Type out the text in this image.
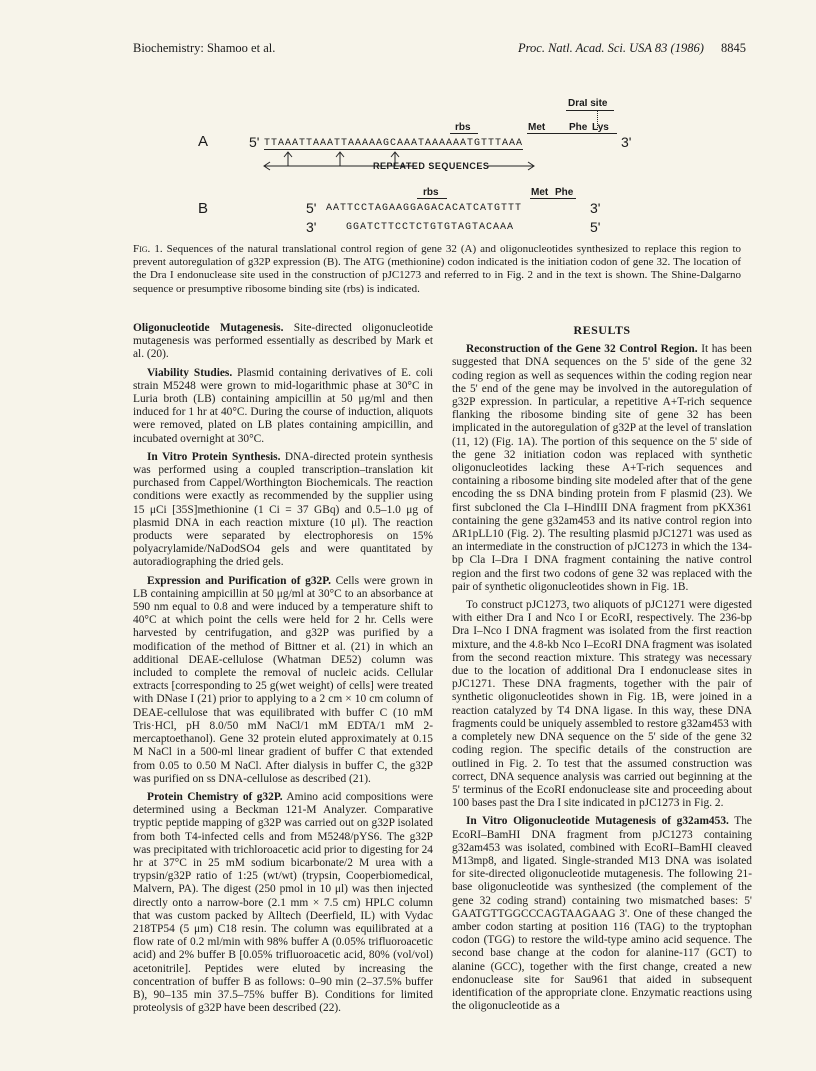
Biochemistry: Shamoo et al.	Proc. Natl. Acad. Sci. USA 83 (1986) 8845
DraI site
A	5'
rbs	Met Phe Lys
TTAAATTAAATTAAAAAGCAAATAAAAAATGTTTAAA	3'
REPEATED SEQUENCES
B
rbs	Met Phe
5' AATTCCTAGAAGGAGACACATCATGTTT	3'
3'	GGATCTTCCTCTGTGTAGTACAAA	5'
Fig. 1. Sequences of the natural translational control region of gene 32 (A) and oligonucleotides synthesized to replace this region to prevent autoregulation of g32P expression (B). The ATG (methionine) codon indicated is the initiation codon of gene 32. The location of the Dra I endonuclease site used in the construction of pJC1273 and referred to in Fig. 2 and in the text is shown. The Shine-Dalgarno sequence or presumptive ribosome binding site (rbs) is indicated.

Oligonucleotide Mutagenesis. Site-directed oligonucleotide mutagenesis was performed essentially as described by Mark et al. (20).

Viability Studies. Plasmid containing derivatives of E. coli strain M5248 were grown to mid-logarithmic phase at 30°C in Luria broth (LB) containing ampicillin at 50 μg/ml and then induced for 1 hr at 40°C. During the course of induction, aliquots were removed, plated on LB plates containing ampicillin, and incubated overnight at 30°C.

In Vitro Protein Synthesis. DNA-directed protein synthesis was performed using a coupled transcription–translation kit purchased from Cappel/Worthington Biochemicals. The reaction conditions were exactly as recommended by the supplier using 15 μCi [35S]methionine (1 Ci = 37 GBq) and 0.5–1.0 μg of plasmid DNA in each reaction mixture (10 μl). The reaction products were separated by electrophoresis on 15% polyacrylamide/NaDodSO4 gels and were quantitated by autoradiographing the dried gels.

Expression and Purification of g32P. Cells were grown in LB containing ampicillin at 50 μg/ml at 30°C to an absorbance at 590 nm equal to 0.8 and were induced by a temperature shift to 40°C at which point the cells were held for 2 hr. Cells were harvested by centrifugation, and g32P was purified by a modification of the method of Bittner et al. (21) in which an additional DEAE-cellulose (Whatman DE52) column was included to complete the removal of nucleic acids. Cellular extracts [corresponding to 25 g(wet weight) of cells] were treated with DNase I (21) prior to applying to a 2 cm × 10 cm column of DEAE-cellulose that was equilibrated with buffer C (10 mM Tris·HCl, pH 8.0/50 mM NaCl/1 mM EDTA/1 mM 2-mercaptoethanol). Gene 32 protein eluted approximately at 0.15 M NaCl in a 500-ml linear gradient of buffer C that extended from 0.05 to 0.50 M NaCl. After dialysis in buffer C, the g32P was purified on ss DNA-cellulose as described (21).

Protein Chemistry of g32P. Amino acid compositions were determined using a Beckman 121-M Analyzer. Comparative tryptic peptide mapping of g32P was carried out on g32P isolated from both T4-infected cells and from M5248/pYS6. The g32P was precipitated with trichloroacetic acid prior to digesting for 24 hr at 37°C in 25 mM sodium bicarbonate/2 M urea with a trypsin/g32P ratio of 1:25 (wt/wt) (trypsin, Cooperbiomedical, Malvern, PA). The digest (250 pmol in 10 μl) was then injected directly onto a narrow-bore (2.1 mm × 7.5 cm) HPLC column that was custom packed by Alltech (Deerfield, IL) with Vydac 218TP54 (5 μm) C18 resin. The column was equilibrated at a flow rate of 0.2 ml/min with 98% buffer A (0.05% trifluoroacetic acid) and 2% buffer B [0.05% trifluoroacetic acid, 80% (vol/vol) acetonitrile]. Peptides were eluted by increasing the concentration of buffer B as follows: 0–90 min (2–37.5% buffer B), 90–135 min 37.5–75% buffer B). Conditions for limited proteolysis of g32P have been described (22).

RESULTS

Reconstruction of the Gene 32 Control Region. It has been suggested that DNA sequences on the 5' side of the gene 32 coding region as well as sequences within the coding region near the 5' end of the gene may be involved in the autoregulation of g32P expression. In particular, a repetitive A+T-rich sequence flanking the ribosome binding site of gene 32 has been implicated in the autoregulation of g32P at the level of translation (11, 12) (Fig. 1A). The portion of this sequence on the 5' side of the gene 32 initiation codon was replaced with synthetic oligonucleotides lacking these A+T-rich sequences and containing a ribosome binding site modeled after that of the gene encoding the ss DNA binding protein from F plasmid (23). We first subcloned the Cla I–HindIII DNA fragment from pKX361 containing the gene g32am453 and its native control region into ΔR1pLL10 (Fig. 2). The resulting plasmid pJC1271 was used as an intermediate in the construction of pJC1273 in which the 134-bp Cla I–Dra I DNA fragment containing the native control region and the first two codons of gene 32 was replaced with the pair of synthetic oligonucleotides shown in Fig. 1B.

To construct pJC1273, two aliquots of pJC1271 were digested with either Dra I and Nco I or EcoRI, respectively. The 236-bp Dra I–Nco I DNA fragment was isolated from the first reaction mixture, and the 4.8-kb Nco I–EcoRI DNA fragment was isolated from the second reaction mixture. This strategy was necessary due to the location of additional Dra I endonuclease sites in pJC1271. These DNA fragments, together with the pair of synthetic oligonucleotides shown in Fig. 1B, were joined in a reaction catalyzed by T4 DNA ligase. In this way, these DNA fragments could be uniquely assembled to restore g32am453 with a completely new DNA sequence on the 5' side of the gene 32 coding region. The specific details of the construction are outlined in Fig. 2. To test that the assumed construction was correct, DNA sequence analysis was carried out beginning at the 5' terminus of the EcoRI endonuclease site and proceeding about 100 bases past the Dra I site indicated in pJC1273 in Fig. 2.

In Vitro Oligonucleotide Mutagenesis of g32am453. The EcoRI–BamHI DNA fragment from pJC1273 containing g32am453 was isolated, combined with EcoRI–BamHI cleaved M13mp8, and ligated. Single-stranded M13 DNA was isolated for site-directed oligonucleotide mutagenesis. The following 21-base oligonucleotide was synthesized (the complement of the gene 32 coding strand) containing two mismatched bases: 5' GAATGTTGGCCCAGTAAGAAG 3'. One of these changed the amber codon starting at position 116 (TAG) to the tryptophan codon (TGG) to restore the wild-type amino acid sequence. The second base change at the codon for alanine-117 (GCT) to alanine (GCC), together with the first change, created a new endonuclease site for Sau961 that aided in subsequent identification of the appropriate clone. Enzymatic reactions using the oligonucleotide as a
